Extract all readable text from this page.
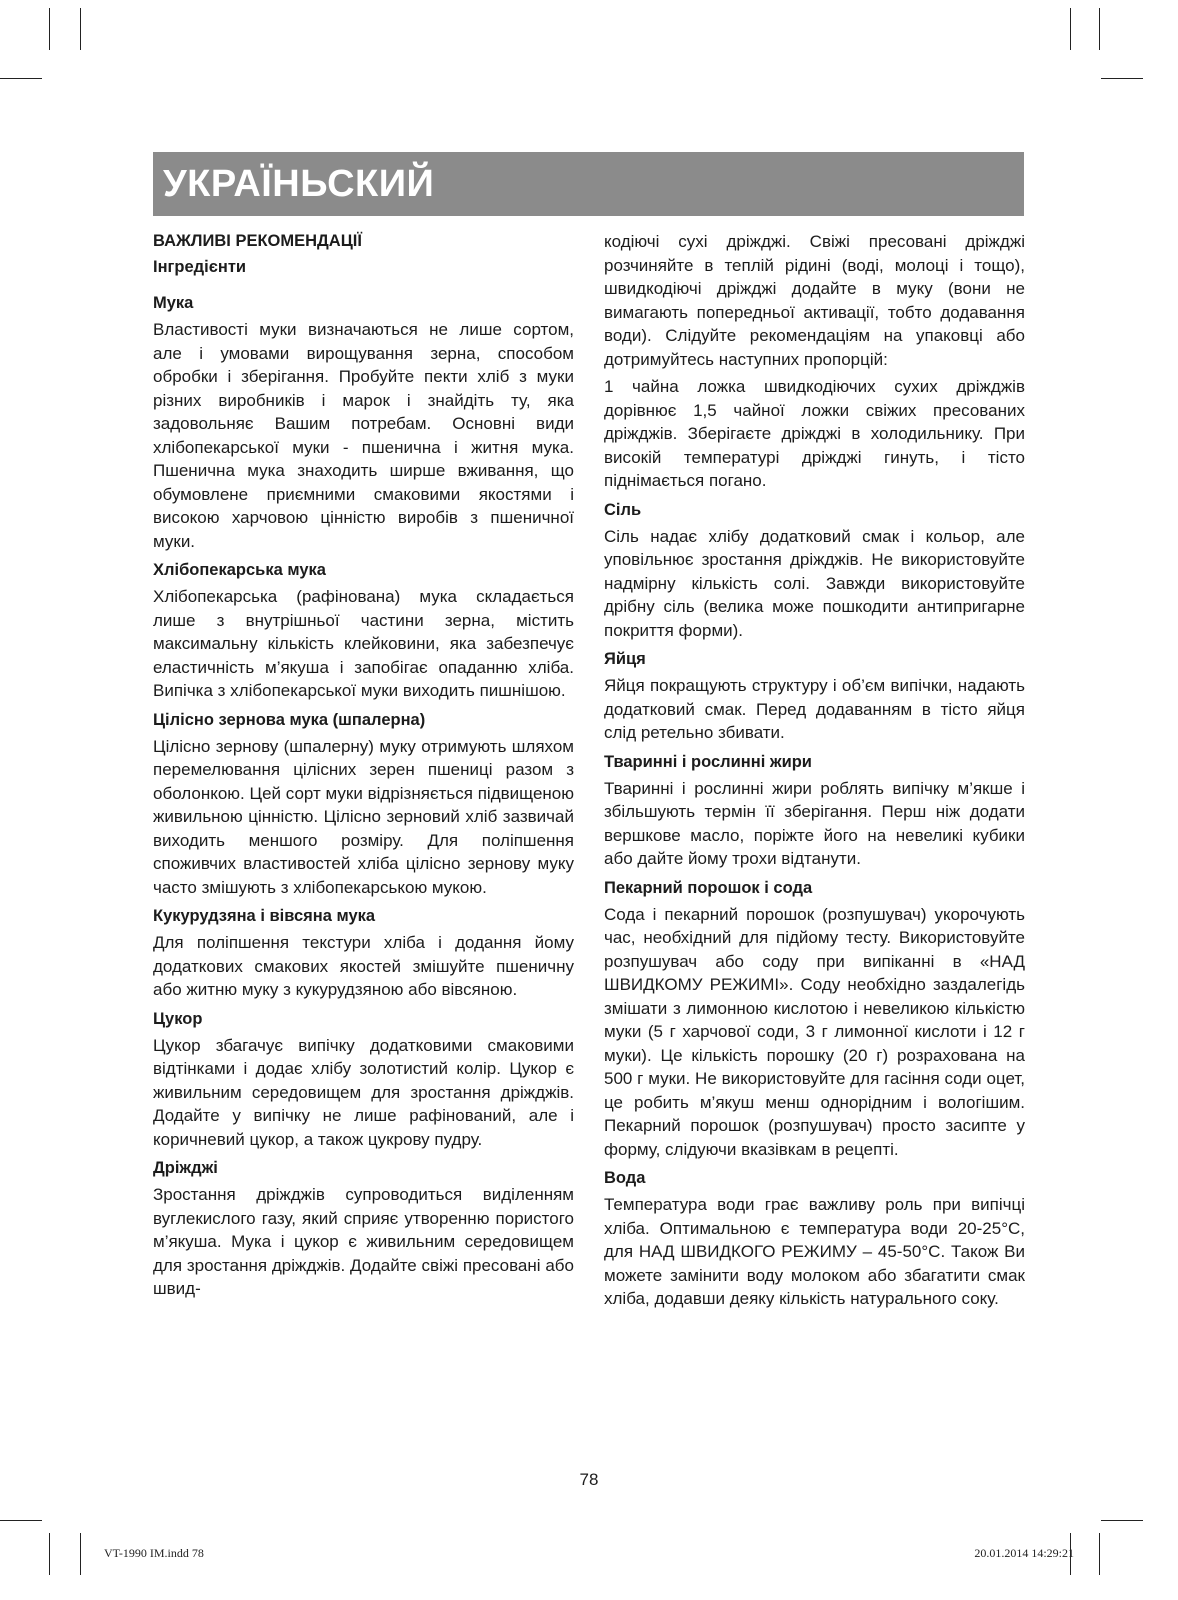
УКРАЇНЬСКИЙ
ВАЖЛИВІ РЕКОМЕНДАЦІЇ
Інгредієнти
Мука

Властивості муки визначаються не лише сортом, але і умовами вирощування зерна, способом обробки і зберігання. Пробуйте пекти хліб з муки різних виробників і марок і знайдіть ту, яка задовольняє Вашим потребам. Основні види хлібопекарської муки - пшенична і житня мука. Пшенична мука знаходить ширше вживання, що обумовлене приємними смаковими якостями і високою харчовою цінністю виробів з пшеничної муки.

Хлібопекарська мука

Хлібопекарська (рафінована) мука складається лише з внутрішньої частини зерна, містить максимальну кількість клейковини, яка забезпечує еластичність м’якуша і запобігає опаданню хліба. Випічка з хлібопекарської муки виходить пишнішою.

Цілісно зернова мука (шпалерна)

Цілісно зернову (шпалерну) муку отримують шляхом перемелювання цілісних зерен пшениці разом з оболонкою. Цей сорт муки відрізняється підвищеною живильною цінністю. Цілісно зерновий хліб зазвичай виходить меншого розміру. Для поліпшення споживчих властивостей хліба цілісно зернову муку часто змішують з хлібопекарською мукою.

Кукурудзяна і вівсяна мука

Для поліпшення текстури хліба і додання йому додаткових смакових якостей змішуйте пшеничну або житню муку з кукурудзяною або вівсяною.

Цукор

Цукор збагачує випічку додатковими смаковими відтінками і додає хлібу золотистий колір. Цукор є живильним середовищем для зростання дріжджів. Додайте у випічку не лише рафінований, але і коричневий цукор, а також цукрову пудру.

Дріжджі

Зростання дріжджів супроводиться виділенням вуглекислого газу, який сприяє утворенню пористого м’якуша. Мука і цукор є живильним середовищем для зростання дріжджів. Додайте свіжі пресовані або швид-

кодіючі сухі дріжджі. Свіжі пресовані дріжджі розчиняйте в теплій рідині (воді, молоці і тощо), швидкодіючі дріжджі додайте в муку (вони не вимагають попередньої активації, тобто додавання води). Слідуйте рекомендаціям на упаковці або дотримуйтесь наступних пропорцій:

1 чайна ложка швидкодіючих сухих дріжджів дорівнює 1,5 чайної ложки свіжих пресованих дріжджів. Зберігаєте дріжджі в холодильнику. При високій температурі дріжджі гинуть, і тісто піднімається погано.

Сіль

Сіль надає хлібу додатковий смак і кольор, але уповільнює зростання дріжджів. Не використовуйте надмірну кількість солі. Завжди використовуйте дрібну сіль (велика може пошкодити антипригарне покриття форми).

Яйця

Яйця покращують структуру і об’єм випічки, надають додатковий смак. Перед додаванням в тісто яйця слід ретельно збивати.

Тваринні і рослинні жири

Тваринні і рослинні жири роблять випічку м’якше і збільшують термін її зберігання. Перш ніж додати вершкове масло, поріжте його на невеликі кубики або дайте йому трохи відтанути.

Пекарний порошок і сода

Сода і пекарний порошок (розпушувач) укорочують час, необхідний для підйому тесту. Використовуйте розпушувач або соду при випіканні в «НАД ШВИДКОМУ РЕЖИМІ». Соду необхідно заздалегідь змішати з лимонною кислотою і невеликою кількістю муки (5 г харчової соди, 3 г лимонної кислоти і 12 г муки). Це кількість порошку (20 г) розрахована на 500 г муки. Не використовуйте для гасіння соди оцет, це робить м’якуш менш однорідним і вологішим. Пекарний порошок (розпушувач) просто засипте у форму, слідуючи вказівкам в рецепті.

Вода

Температура води грає важливу роль при випічці хліба. Оптимальною є температура води 20-25°С, для НАД ШВИДКОГО РЕЖИМУ – 45-50°С. Також Ви можете замінити воду молоком або збагатити смак хліба, додавши деяку кількість натурального соку.

78
VT-1990 IM.indd 78	20.01.2014 14:29:21
